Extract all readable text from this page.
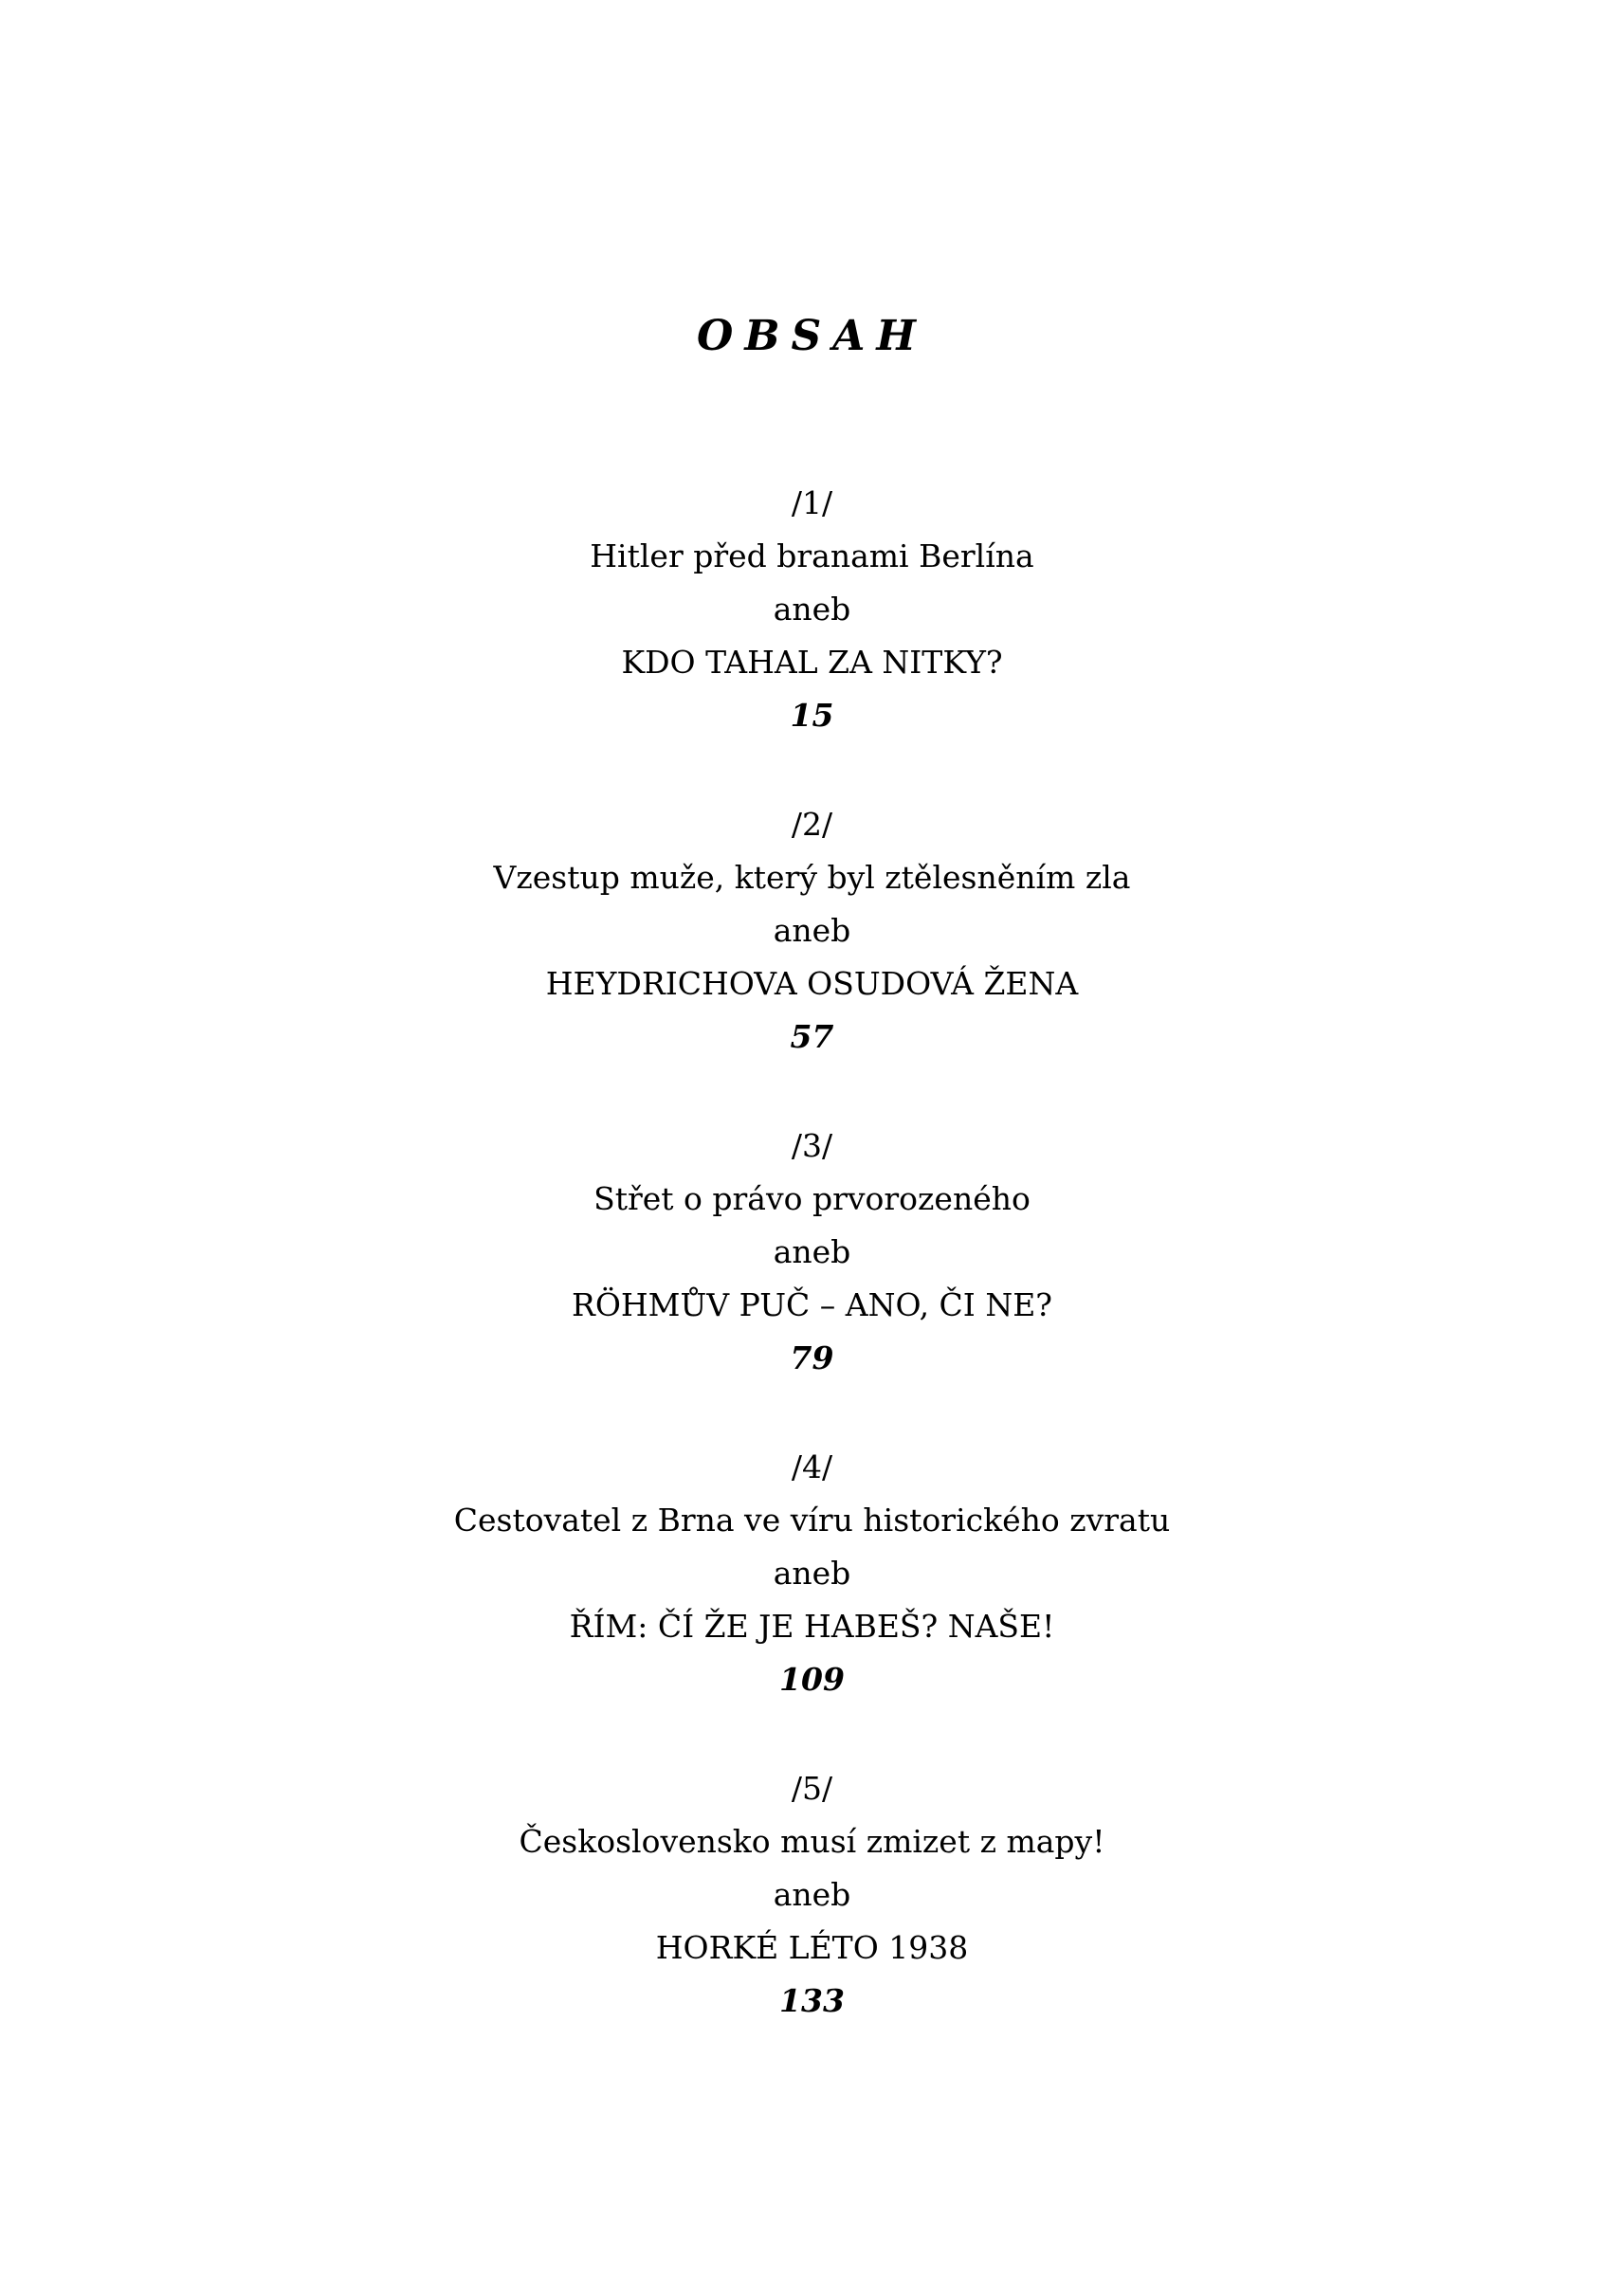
OBSAH
/1/
Hitler před branami Berlína
aneb
KDO TAHAL ZA NITKY?
15
/2/
Vzestup muže, který byl ztělesněním zla
aneb
HEYDRICHOVA OSUDOVÁ ŽENA
57
/3/
Střet o právo prvorozeného
aneb
RÖHMŮV PUČ – ANO, ČI NE?
79
/4/
Cestovatel z Brna ve víru historického zvratu
aneb
ŘÍM: ČÍ ŽE JE HABEŠ? NAŠE!
109
/5/
Československo musí zmizet z mapy!
aneb
HORKÉ LÉTO 1938
133
